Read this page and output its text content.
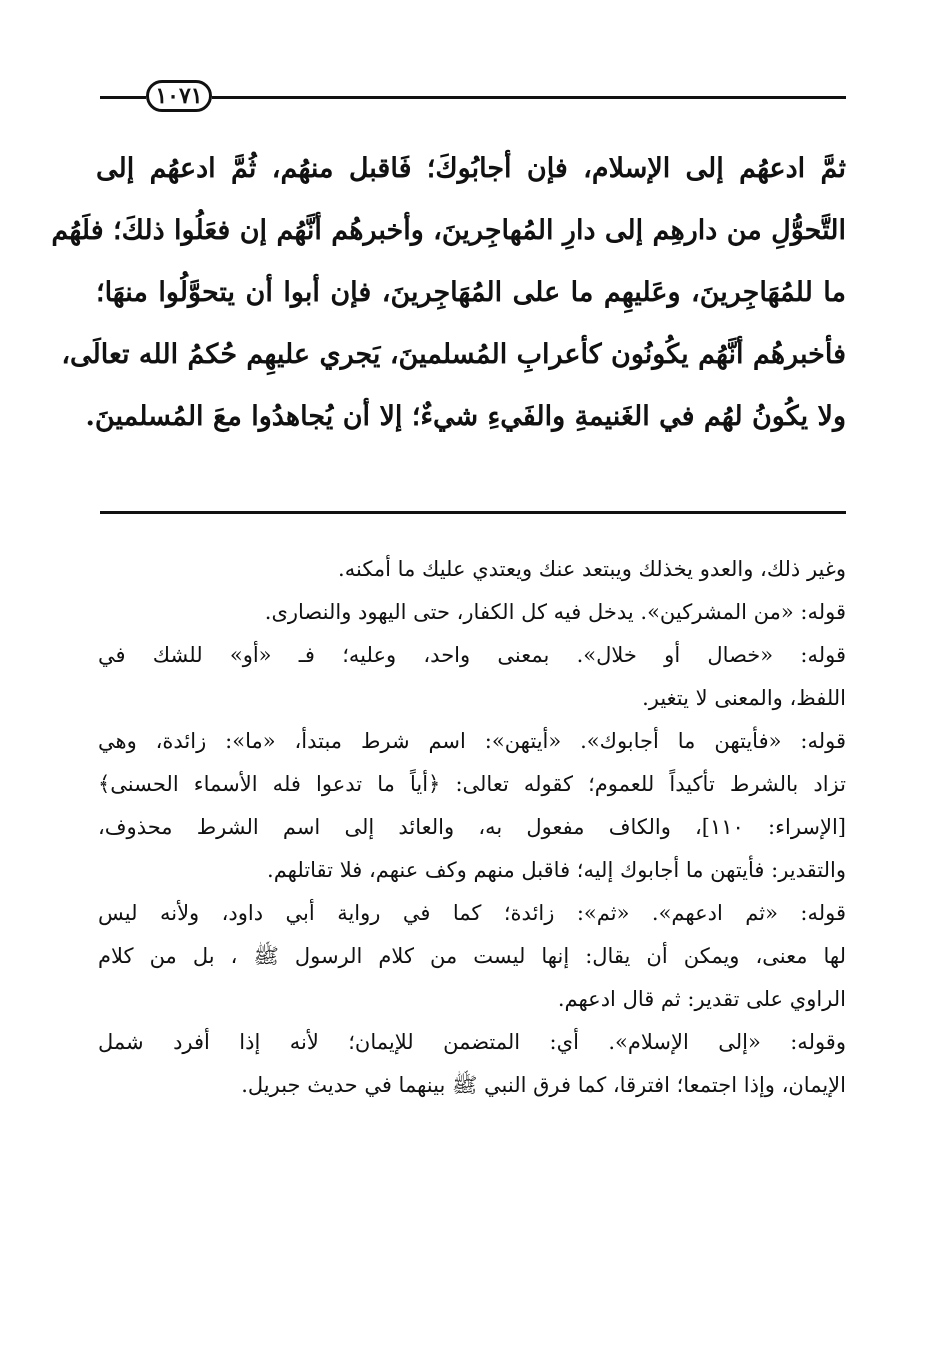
١٠٧١

ثمَّ ادعهُم إلى الإسلام، فإن أجابُوكَ؛ فَاقبل منهُم، ثُمَّ ادعهُم إلى
التَّحوُّلِ من دارهِم إلى دارِ المُهاجِرينَ، وأخبرهُم أنَّهُم إن فعَلُوا ذلكَ؛ فلَهُم
ما للمُهَاجِرينَ، وعَليهِم ما على المُهَاجِرينَ، فإن أبوا أن يتحوَّلُوا منهَا؛
فأخبرهُم أنَّهُم يكُونُون كأعرابِ المُسلمينَ، يَجري عليهِم حُكمُ الله تعالَى،
ولا يكُونُ لهُم في الغَنيمةِ والفَيءِ شيءٌ؛ إلا أن يُجاهدُوا معَ المُسلمينَ.

وغير ذلك، والعدو يخذلك ويبتعد عنك ويعتدي عليك ما أمكنه.
قوله: «من المشركين». يدخل فيه كل الكفار، حتى اليهود والنصارى.
قوله: «خصال أو خلال». بمعنى واحد، وعليه؛ فـ «أو» للشك في
اللفظ، والمعنى لا يتغير.
قوله: «فأيتهن ما أجابوك». «أيتهن»: اسم شرط مبتدأ، «ما»: زائدة، وهي
تزاد بالشرط تأكيداً للعموم؛ كقوله تعالى: ﴿أياً ما تدعوا فله الأسماء الحسنى﴾
[الإسراء: ١١٠]، والكاف مفعول به، والعائد إلى اسم الشرط محذوف،
والتقدير: فأيتهن ما أجابوك إليه؛ فاقبل منهم وكف عنهم، فلا تقاتلهم.
قوله: «ثم ادعهم». «ثم»: زائدة؛ كما في رواية أبي داود، ولأنه ليس
لها معنى، ويمكن أن يقال: إنها ليست من كلام الرسول ﷺ ، بل من كلام
الراوي على تقدير: ثم قال ادعهم.
وقوله: «إلى الإسلام». أي: المتضمن للإيمان؛ لأنه إذا أفرد شمل
الإيمان، وإذا اجتمعا؛ افترقا، كما فرق النبي ﷺ بينهما في حديث جبريل.
